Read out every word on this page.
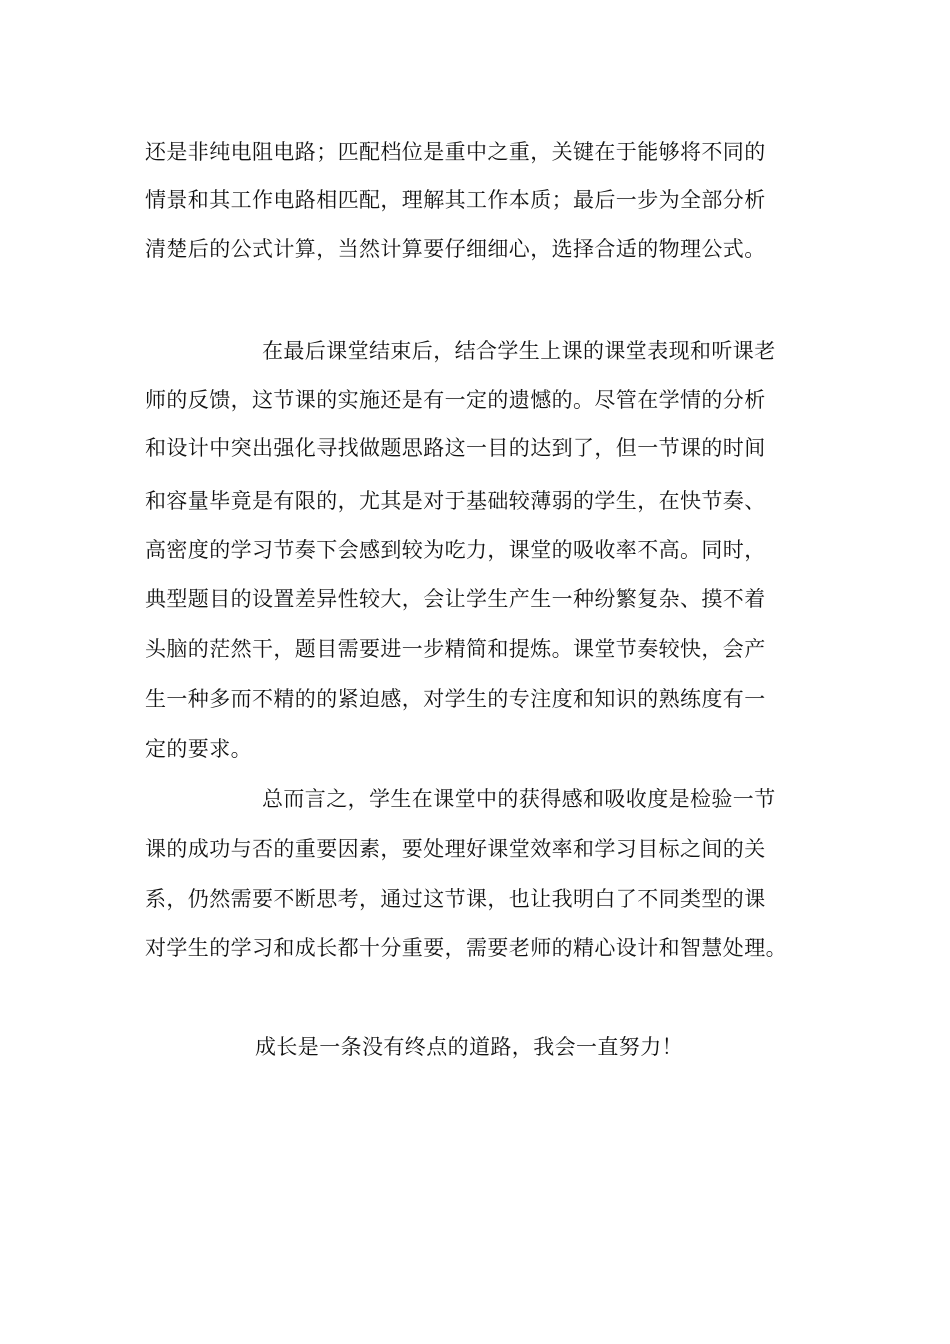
还是非纯电阻电路；匹配档位是重中之重，关键在于能够将不同的
情景和其工作电路相匹配，理解其工作本质；最后一步为全部分析
清楚后的公式计算，当然计算要仔细细心，选择合适的物理公式。
在最后课堂结束后，结合学生上课的课堂表现和听课老
师的反馈，这节课的实施还是有一定的遗憾的。尽管在学情的分析
和设计中突出强化寻找做题思路这一目的达到了，但一节课的时间
和容量毕竟是有限的，尤其是对于基础较薄弱的学生，在快节奏、
高密度的学习节奏下会感到较为吃力，课堂的吸收率不高。同时，
典型题目的设置差异性较大，会让学生产生一种纷繁复杂、摸不着
头脑的茫然干，题目需要进一步精简和提炼。课堂节奏较快，会产
生一种多而不精的的紧迫感，对学生的专注度和知识的熟练度有一
定的要求。
总而言之，学生在课堂中的获得感和吸收度是检验一节
课的成功与否的重要因素，要处理好课堂效率和学习目标之间的关
系，仍然需要不断思考，通过这节课，也让我明白了不同类型的课
对学生的学习和成长都十分重要，需要老师的精心设计和智慧处理。
成长是一条没有终点的道路，我会一直努力！
